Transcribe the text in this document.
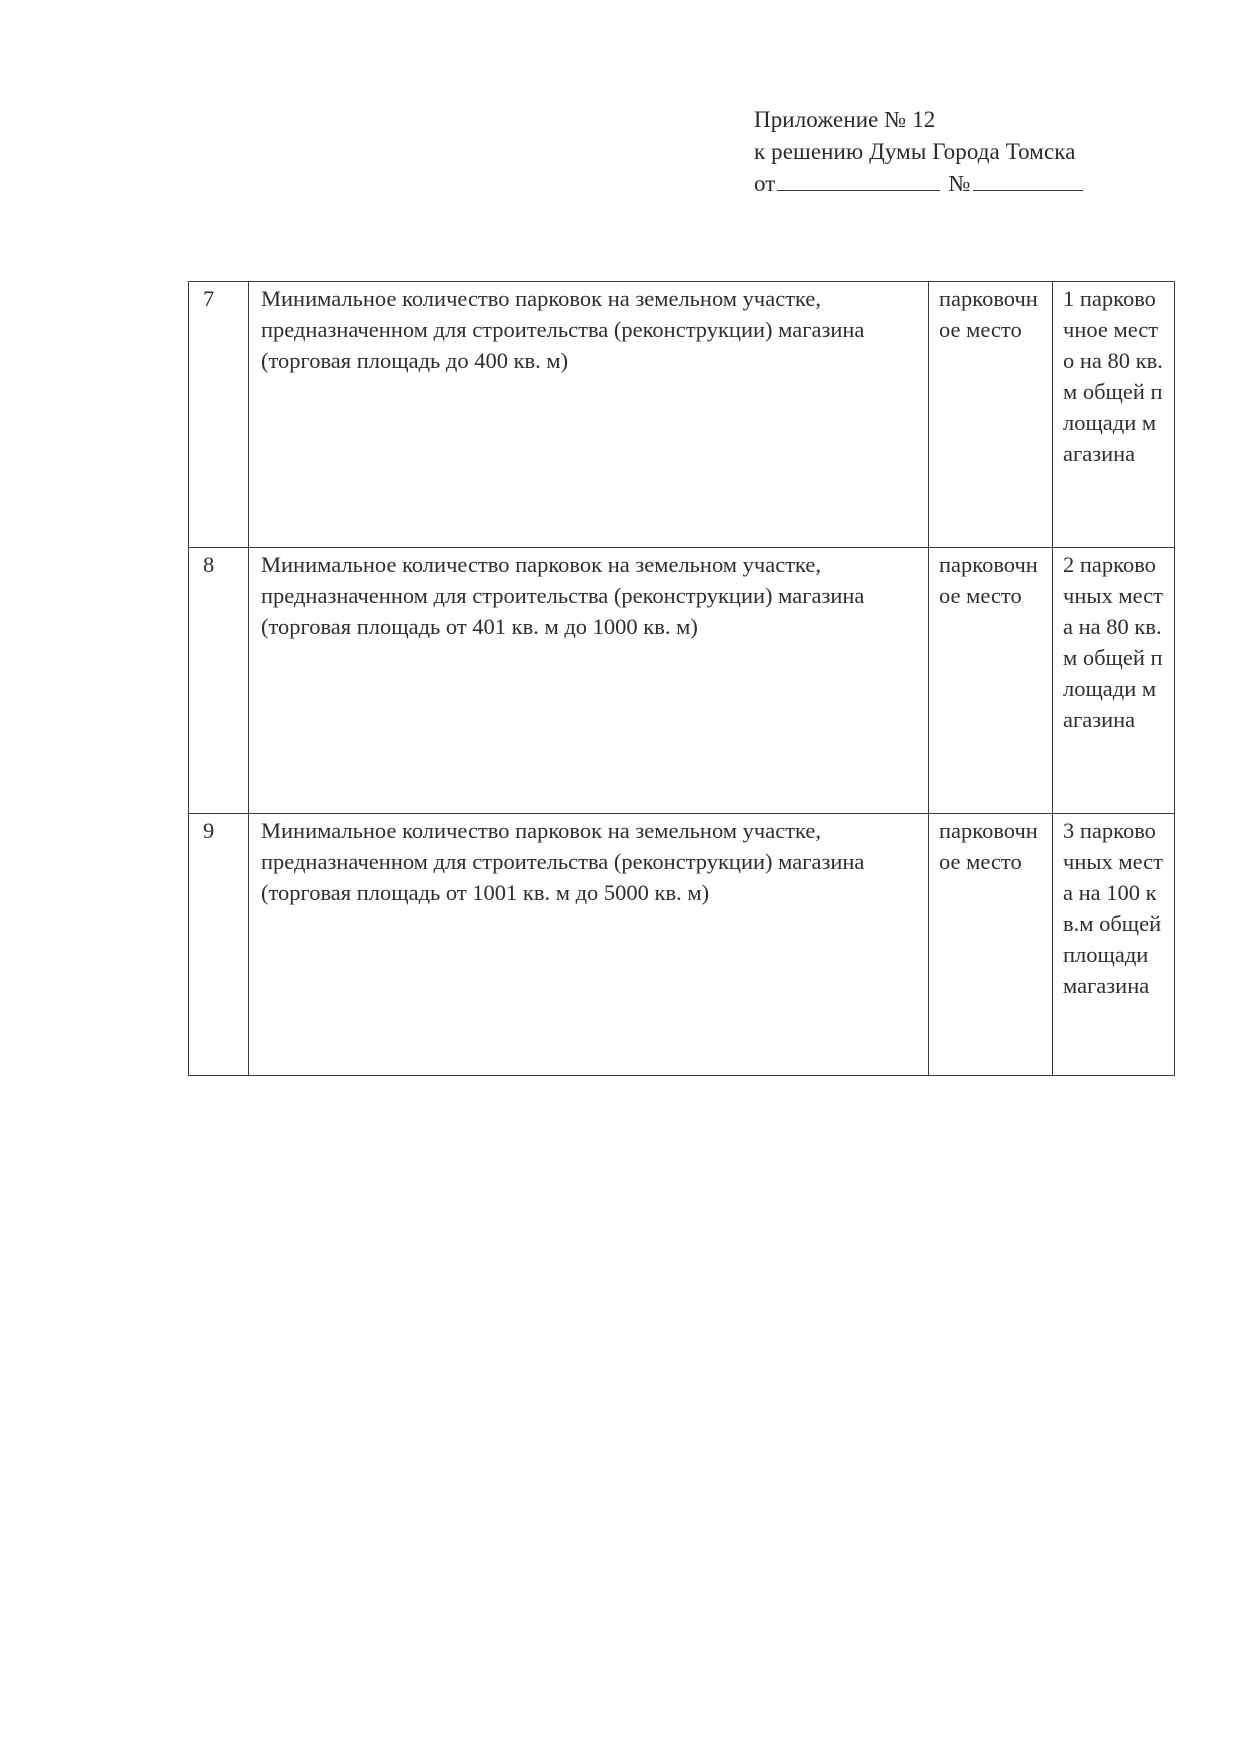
Приложение № 12
к решению Думы Города Томска
от	№
7	Минимальное количество парковок на земельном участке, предназначенном для строительства (реконструкции) магазина (торговая площадь до 400 кв. м)	парковочное место	1 парковочное место на 80 кв. м общей площади магазина
8	Минимальное количество парковок на земельном участке, предназначенном для строительства (реконструкции) магазина (торговая площадь от 401 кв. м до 1000 кв. м)	парковочное место	2 парковочных места на 80 кв. м общей площади магазина
9	Минимальное количество парковок на земельном участке, предназначенном для строительства (реконструкции) магазина (торговая площадь от 1001 кв. м до 5000 кв. м)	парковочное место	3 парковочных места на 100 кв.м общей площади магазина
